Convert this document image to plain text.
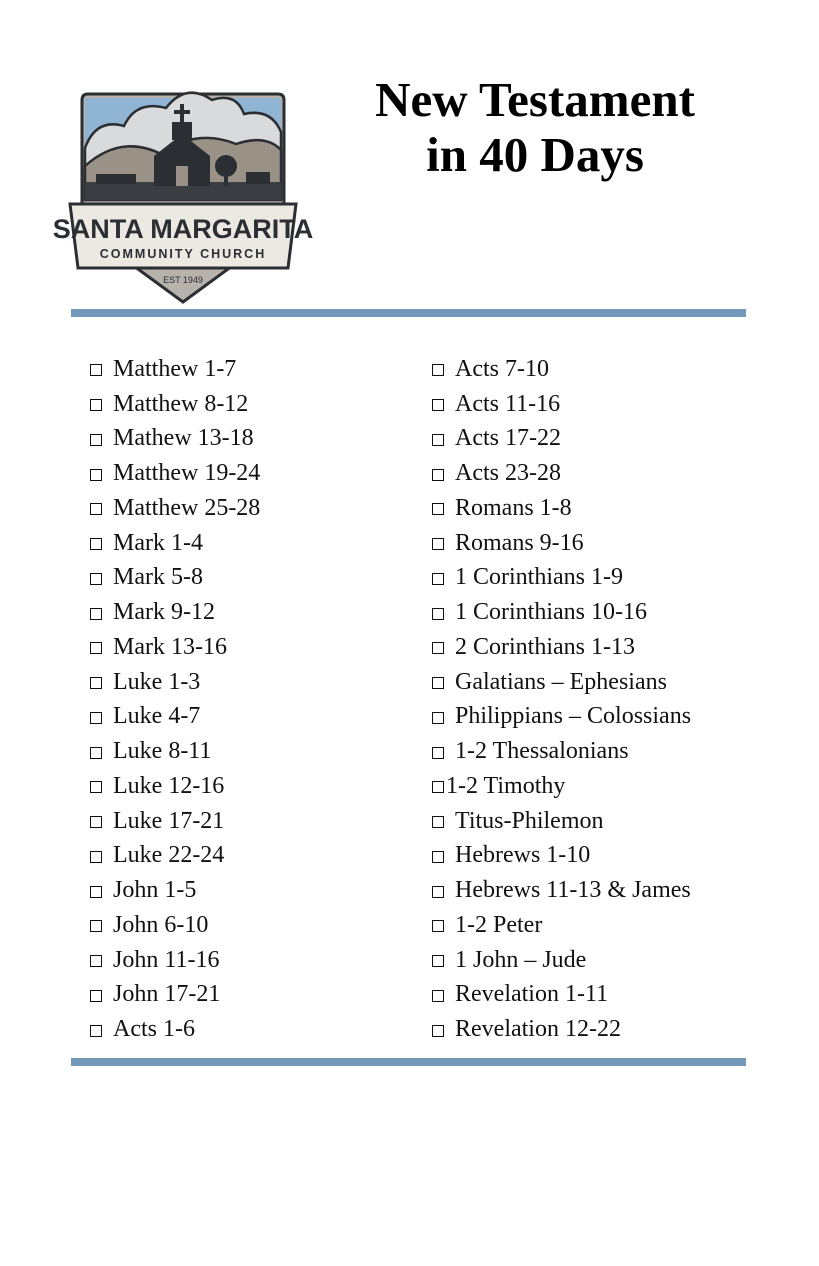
SANTA MARGARITA
COMMUNITY CHURCH
EST 1949
New Testament
in 40 Days
Matthew 1-7
Matthew 8-12
Mathew 13-18
Matthew 19-24
Matthew 25-28
Mark 1-4
Mark 5-8
Mark 9-12
Mark 13-16
Luke 1-3
Luke 4-7
Luke 8-11
Luke 12-16
Luke 17-21
Luke 22-24
John 1-5
John 6-10
John 11-16
John 17-21
Acts 1-6
Acts 7-10
Acts 11-16
Acts 17-22
Acts 23-28
Romans 1-8
Romans 9-16
1 Corinthians 1-9
1 Corinthians 10-16
2 Corinthians 1-13
Galatians – Ephesians
Philippians – Colossians
1-2 Thessalonians
1-2 Timothy
Titus-Philemon
Hebrews 1-10
Hebrews 11-13 & James
1-2 Peter
1 John – Jude
Revelation 1-11
Revelation 12-22
